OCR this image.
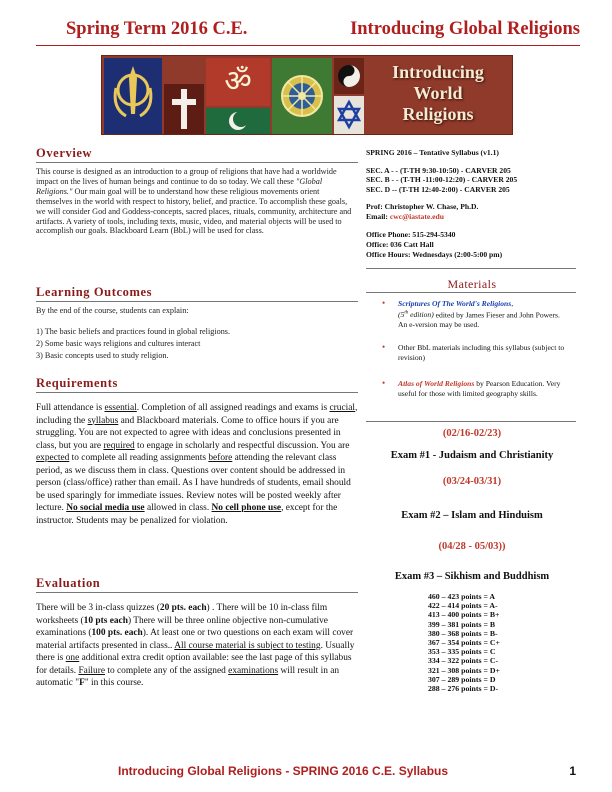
Spring Term 2016 C.E.	Introducing Global Religions
ॐ	Introducing
World
Religions
Overview
This course is designed as an introduction to a group of religions that have had a worldwide impact on the lives of human beings and continue to do so today. We call these "Global Religions." Our main goal will be to understand how these religious movements orient themselves in the world with respect to history, belief, and practice. To accomplish these goals, we will consider God and Goddess-concepts, sacred places, rituals, community, architecture and artifacts. A variety of tools, including texts, music, video, and material objects will be used to accomplish our goals. Blackboard Learn (BbL) will be used for class.
Learning Outcomes
By the end of the course, students can explain:
1) The basic beliefs and practices found in global religions.
2) Some basic ways religions and cultures interact
3) Basic concepts used to study religion.
Requirements
Full attendance is essential. Completion of all assigned readings and exams is crucial, including the syllabus and Blackboard materials. Come to office hours if you are struggling. You are not expected to agree with ideas and conclusions presented in class, but you are required to engage in scholarly and respectful discussion. You are expected to complete all reading assignments before attending the relevant class period, as we discuss them in class. Questions over content should be addressed in person (class/office) rather than email. As I have hundreds of students, email should be used sparingly for immediate issues. Review notes will be posted weekly after lecture. No social media use allowed in class. No cell phone use, except for the instructor. Students may be penalized for violation.
Evaluation
There will be 3 in-class quizzes (20 pts. each) . There will be 10 in-class film worksheets (10 pts each) There will be three online objective non-cumulative examinations (100 pts. each). At least one or two questions on each exam will cover material artifacts presented in class.. All course material is subject to testing. Usually there is one additional extra credit option available: see the last page of this syllabus for details. Failure to complete any of the assigned examinations will result in an automatic "F" in this course.
SPRING 2016 – Tentative Syllabus (v1.1)
SEC. A - - (T-TH 9:30-10:50) - CARVER 205
SEC. B - - (T-TH -11:00-12:20) - CARVER 205
SEC. D -- (T-TH 12:40-2:00) - CARVER 205
Prof: Christopher W. Chase, Ph.D.
Email: cwc@iastate.edu
Office Phone: 515-294-5340
Office: 036 Catt Hall
Office Hours: Wednesdays (2:00-5:00 pm)
Materials
• Scriptures Of The World's Religions,
(5th edition) edited by James Fieser and John Powers. An e-version may be used.
• Other BbL materials including this syllabus (subject to revision)
• Atlas of World Religions by Pearson Education. Very useful for those with limited geography skills.
(02/16-02/23)
Exam #1 - Judaism and Christianity
(03/24-03/31)
Exam #2 – Islam and Hinduism
(04/28 - 05/03))
Exam #3 – Sikhism and Buddhism
460 – 423 points = A
422 – 414 points = A-
413 – 400 points = B+
399 – 381 points = B
380 – 368 points = B-
367 – 354 points = C+
353 – 335 points = C
334 – 322 points = C-
321 – 308 points = D+
307 – 289 points = D
288 – 276 points = D-
Introducing Global Religions - SPRING 2016 C.E. Syllabus	1
